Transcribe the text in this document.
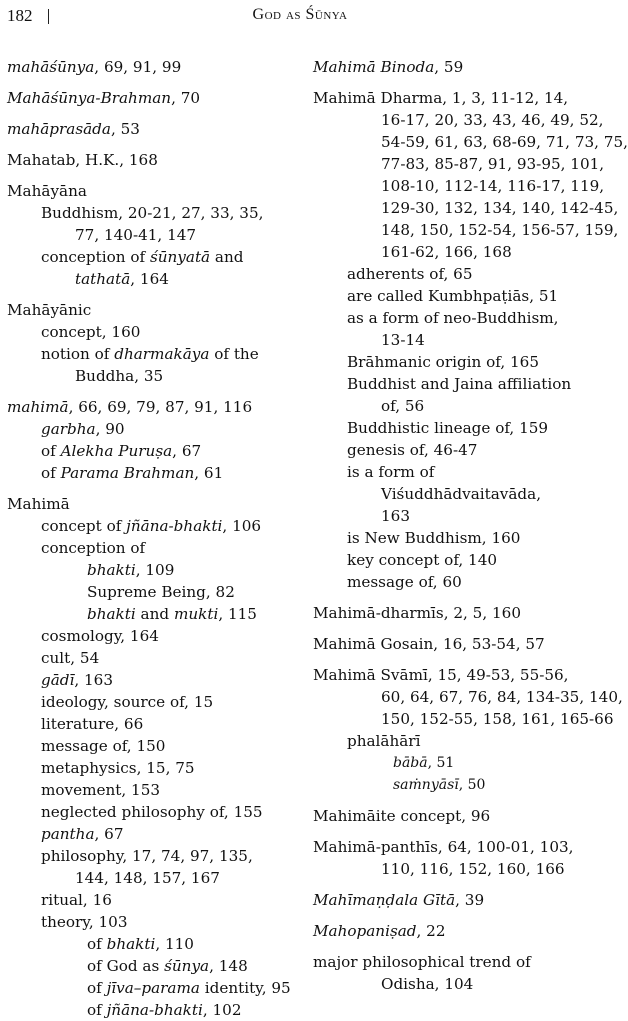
182	God as Śūnya
mahāśūnya, 69, 91, 99
Mahāśūnya-Brahman, 70
mahāprasāda, 53
Mahatab, H.K., 168
Mahāyāna
Buddhism, 20-21, 27, 33, 35,
77, 140-41, 147
conception of śūnyatā and
tathatā, 164
Mahāyānic
concept, 160
notion of dharmakāya of the
Buddha, 35
mahimā, 66, 69, 79, 87, 91, 116
garbha, 90
of Alekha Puruṣa, 67
of Parama Brahman, 61
Mahimā
concept of jñāna-bhakti, 106
conception of
bhakti, 109
Supreme Being, 82
bhakti and mukti, 115
cosmology, 164
cult, 54
gādī, 163
ideology, source of, 15
literature, 66
message of, 150
metaphysics, 15, 75
movement, 153
neglected philosophy of, 155
pantha, 67
philosophy, 17, 74, 97, 135,
144, 148, 157, 167
ritual, 16
theory, 103
of bhakti, 110
of God as śūnya, 148
of jīva–parama identity, 95
of jñāna-bhakti, 102
Mahimā Binoda, 59
Mahimā Dharma, 1, 3, 11-12, 14,
16-17, 20, 33, 43, 46, 49, 52,
54-59, 61, 63, 68-69, 71, 73, 75,
77-83, 85-87, 91, 93-95, 101,
108-10, 112-14, 116-17, 119,
129-30, 132, 134, 140, 142-45,
148, 150, 152-54, 156-57, 159,
161-62, 166, 168
adherents of, 65
are called Kumbhpaṭiās, 51
as a form of neo-Buddhism,
13-14
Brāhmanic origin of, 165
Buddhist and Jaina affiliation
of, 56
Buddhistic lineage of, 159
genesis of, 46-47
is a form of
Viśuddhādvaitavāda,
163
is New Buddhism, 160
key concept of, 140
message of, 60
Mahimā-dharmīs, 2, 5, 160
Mahimā Gosain, 16, 53-54, 57
Mahimā Svāmī, 15, 49-53, 55-56,
60, 64, 67, 76, 84, 134-35, 140,
150, 152-55, 158, 161, 165-66
phalāhārī
bābā, 51
saṁnyāsī, 50
Mahimāite concept, 96
Mahimā-panthīs, 64, 100-01, 103,
110, 116, 152, 160, 166
Mahīmaṇḍala Gītā, 39
Mahopaniṣad, 22
major philosophical trend of
Odisha, 104
